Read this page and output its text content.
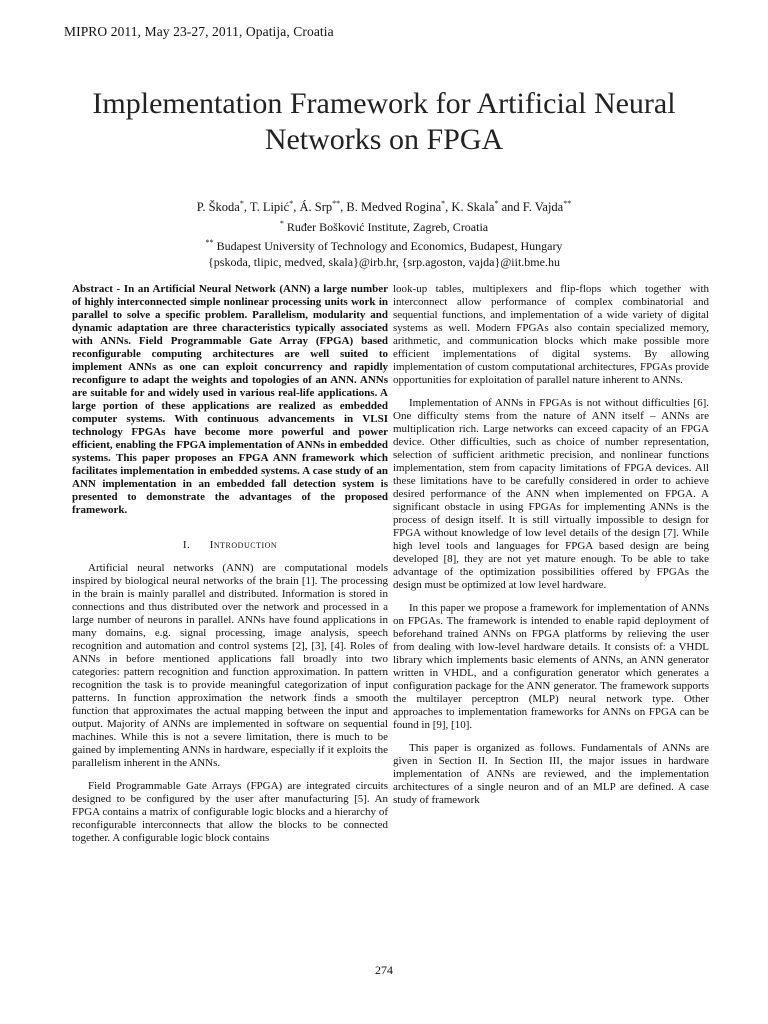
MIPRO 2011, May 23-27, 2011, Opatija, Croatia
Implementation Framework for Artificial Neural
Networks on FPGA
P. Škoda*, T. Lipić*, Á. Srp**, B. Medved Rogina*, K. Skala* and F. Vajda**
* Ruđer Bošković Institute, Zagreb, Croatia
** Budapest University of Technology and Economics, Budapest, Hungary
{pskoda, tlipic, medved, skala}@irb.hr, {srp.agoston, vajda}@iit.bme.hu

Abstract - In an Artificial Neural Network (ANN) a large number of highly interconnected simple nonlinear processing units work in parallel to solve a specific problem. Parallelism, modularity and dynamic adaptation are three characteristics typically associated with ANNs. Field Programmable Gate Array (FPGA) based reconfigurable computing architectures are well suited to implement ANNs as one can exploit concurrency and rapidly reconfigure to adapt the weights and topologies of an ANN. ANNs are suitable for and widely used in various real-life applications. A large portion of these applications are realized as embedded computer systems. With continuous advancements in VLSI technology FPGAs have become more powerful and power efficient, enabling the FPGA implementation of ANNs in embedded systems. This paper proposes an FPGA ANN framework which facilitates implementation in embedded systems. A case study of an ANN implementation in an embedded fall detection system is presented to demonstrate the advantages of the proposed framework.

I. Introduction

Artificial neural networks (ANN) are computational models inspired by biological neural networks of the brain [1]. The processing in the brain is mainly parallel and distributed. Information is stored in connections and thus distributed over the network and processed in a large number of neurons in parallel. ANNs have found applications in many domains, e.g. signal processing, image analysis, speech recognition and automation and control systems [2], [3], [4]. Roles of ANNs in before mentioned applications fall broadly into two categories: pattern recognition and function approximation. In pattern recognition the task is to provide meaningful categorization of input patterns. In function approximation the network finds a smooth function that approximates the actual mapping between the input and output. Majority of ANNs are implemented in software on sequential machines. While this is not a severe limitation, there is much to be gained by implementing ANNs in hardware, especially if it exploits the parallelism inherent in the ANNs.

Field Programmable Gate Arrays (FPGA) are integrated circuits designed to be configured by the user after manufacturing [5]. An FPGA contains a matrix of configurable logic blocks and a hierarchy of reconfigurable interconnects that allow the blocks to be connected together. A configurable logic block contains

look-up tables, multiplexers and flip-flops which together with interconnect allow performance of complex combinatorial and sequential functions, and implementation of a wide variety of digital systems as well. Modern FPGAs also contain specialized memory, arithmetic, and communication blocks which make possible more efficient implementations of digital systems. By allowing implementation of custom computational architectures, FPGAs provide opportunities for exploitation of parallel nature inherent to ANNs.

Implementation of ANNs in FPGAs is not without difficulties [6]. One difficulty stems from the nature of ANN itself – ANNs are multiplication rich. Large networks can exceed capacity of an FPGA device. Other difficulties, such as choice of number representation, selection of sufficient arithmetic precision, and nonlinear functions implementation, stem from capacity limitations of FPGA devices. All these limitations have to be carefully considered in order to achieve desired performance of the ANN when implemented on FPGA. A significant obstacle in using FPGAs for implementing ANNs is the process of design itself. It is still virtually impossible to design for FPGA without knowledge of low level details of the design [7]. While high level tools and languages for FPGA based design are being developed [8], they are not yet mature enough. To be able to take advantage of the optimization possibilities offered by FPGAs the design must be optimized at low level hardware.

In this paper we propose a framework for implementation of ANNs on FPGAs. The framework is intended to enable rapid deployment of beforehand trained ANNs on FPGA platforms by relieving the user from dealing with low-level hardware details. It consists of: a VHDL library which implements basic elements of ANNs, an ANN generator written in VHDL, and a configuration generator which generates a configuration package for the ANN generator. The framework supports the multilayer perceptron (MLP) neural network type. Other approaches to implementation frameworks for ANNs on FPGA can be found in [9], [10].

This paper is organized as follows. Fundamentals of ANNs are given in Section II. In Section III, the major issues in hardware implementation of ANNs are reviewed, and the implementation architectures of a single neuron and of an MLP are defined. A case study of framework

274
